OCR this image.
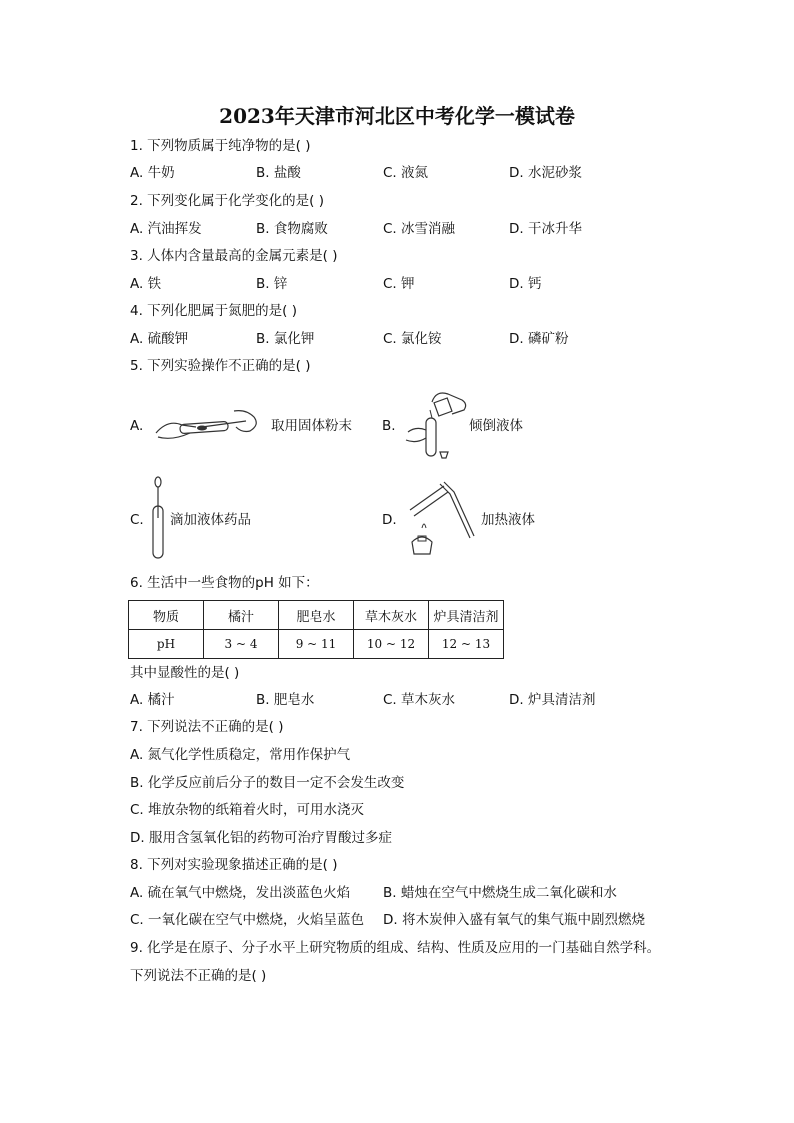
2023年天津市河北区中考化学一模试卷
1. 下列物质属于纯净物的是( )
A. 牛奶	B. 盐酸	C. 液氮	D. 水泥砂浆
2. 下列变化属于化学变化的是( )
A. 汽油挥发	B. 食物腐败	C. 冰雪消融	D. 干冰升华
3. 人体内含量最高的金属元素是( )
A. 铁	B. 锌	C. 钾	D. 钙
4. 下列化肥属于氮肥的是( )
A. 硫酸钾	B. 氯化钾	C. 氯化铵	D. 磷矿粉
5. 下列实验操作不正确的是( )
A.	取用固体粉末 B.	倾倒液体
C. 滴加液体药品	D.	加热液体
6. 生活中一些食物的pH 如下：
物质	橘汁	肥皂水	草木灰水	炉具清洁剂
pH	3 ~ 4	9 ~ 11	10 ~ 12	12 ~ 13
其中显酸性的是( )
A. 橘汁	B. 肥皂水	C. 草木灰水	D. 炉具清洁剂
7. 下列说法不正确的是( )
A. 氮气化学性质稳定，常用作保护气
B. 化学反应前后分子的数目一定不会发生改变
C. 堆放杂物的纸箱着火时，可用水浇灭
D. 服用含氢氧化铝的药物可治疗胃酸过多症
8. 下列对实验现象描述正确的是( )
A. 硫在氧气中燃烧，发出淡蓝色火焰 B. 蜡烛在空气中燃烧生成二氧化碳和水
C. 一氧化碳在空气中燃烧，火焰呈蓝色 D. 将木炭伸入盛有氧气的集气瓶中剧烈燃烧
9. 化学是在原子、分子水平上研究物质的组成、结构、性质及应用的一门基础自然学科。
下列说法不正确的是( )
